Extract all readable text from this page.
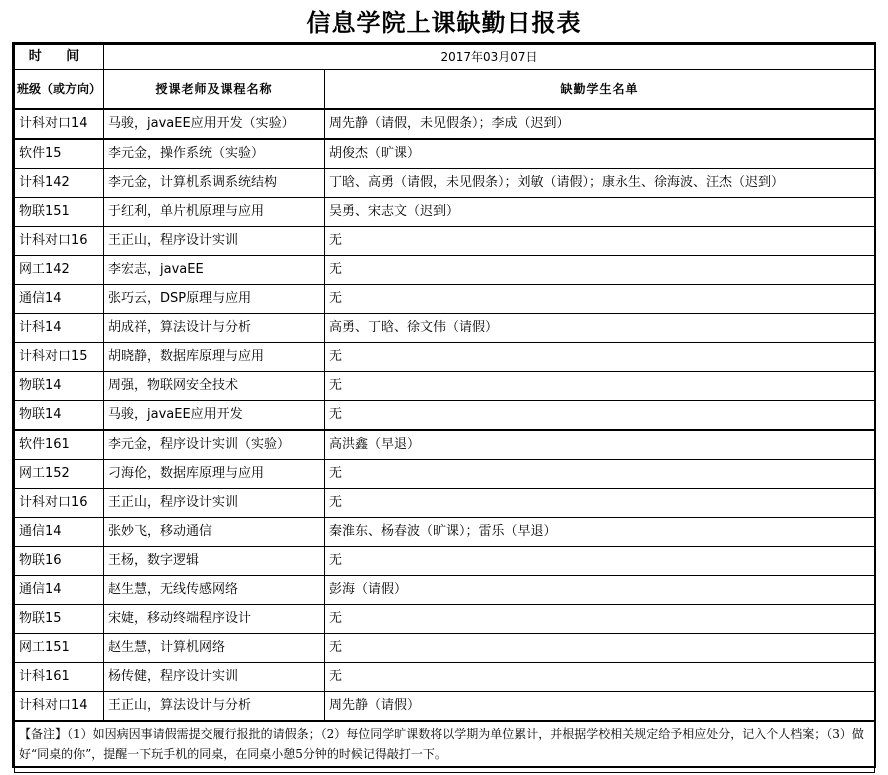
信息学院上课缺勤日报表
时 间	2017年03月07日	
班级（或方向）	授课老师及课程名称	缺勤学生名单
计科对口14	马骏，javaEE应用开发（实验）	周先静（请假，未见假条）；李成（迟到）
软件15	李元金，操作系统（实验）	胡俊杰（旷课）
计科142	李元金，计算机系调系统结构	丁晗、高勇（请假，未见假条）；刘敏（请假）；康永生、徐海波、汪杰（迟到）
物联151	于红利，单片机原理与应用	吴勇、宋志文（迟到）
计科对口16	王正山，程序设计实训	无
网工142	李宏志，javaEE	无
通信14	张巧云，DSP原理与应用	无
计科14	胡成祥，算法设计与分析	高勇、丁晗、徐文伟（请假）
计科对口15	胡晓静，数据库原理与应用	无
物联14	周强，物联网安全技术	无
物联14	马骏，javaEE应用开发	无
软件161	李元金，程序设计实训（实验）	高洪鑫（早退）
网工152	刁海伦，数据库原理与应用	无
计科对口16	王正山，程序设计实训	无
通信14	张妙飞，移动通信	秦淮东、杨春波（旷课）；雷乐（早退）
物联16	王杨，数字逻辑	无
通信14	赵生慧，无线传感网络	彭海（请假）
物联15	宋婕，移动终端程序设计	无
网工151	赵生慧，计算机网络	无
计科161	杨传健，程序设计实训	无
计科对口14	王正山，算法设计与分析	周先静（请假）
【备注】（1）如因病因事请假需提交履行报批的请假条；（2）每位同学旷课数将以学期为单位累计，并根据学校相关规定给予相应处分，记入个人档案；（3）做好“同桌的你”，提醒一下玩手机的同桌，在同桌小憩5分钟的时候记得敲打一下。		
